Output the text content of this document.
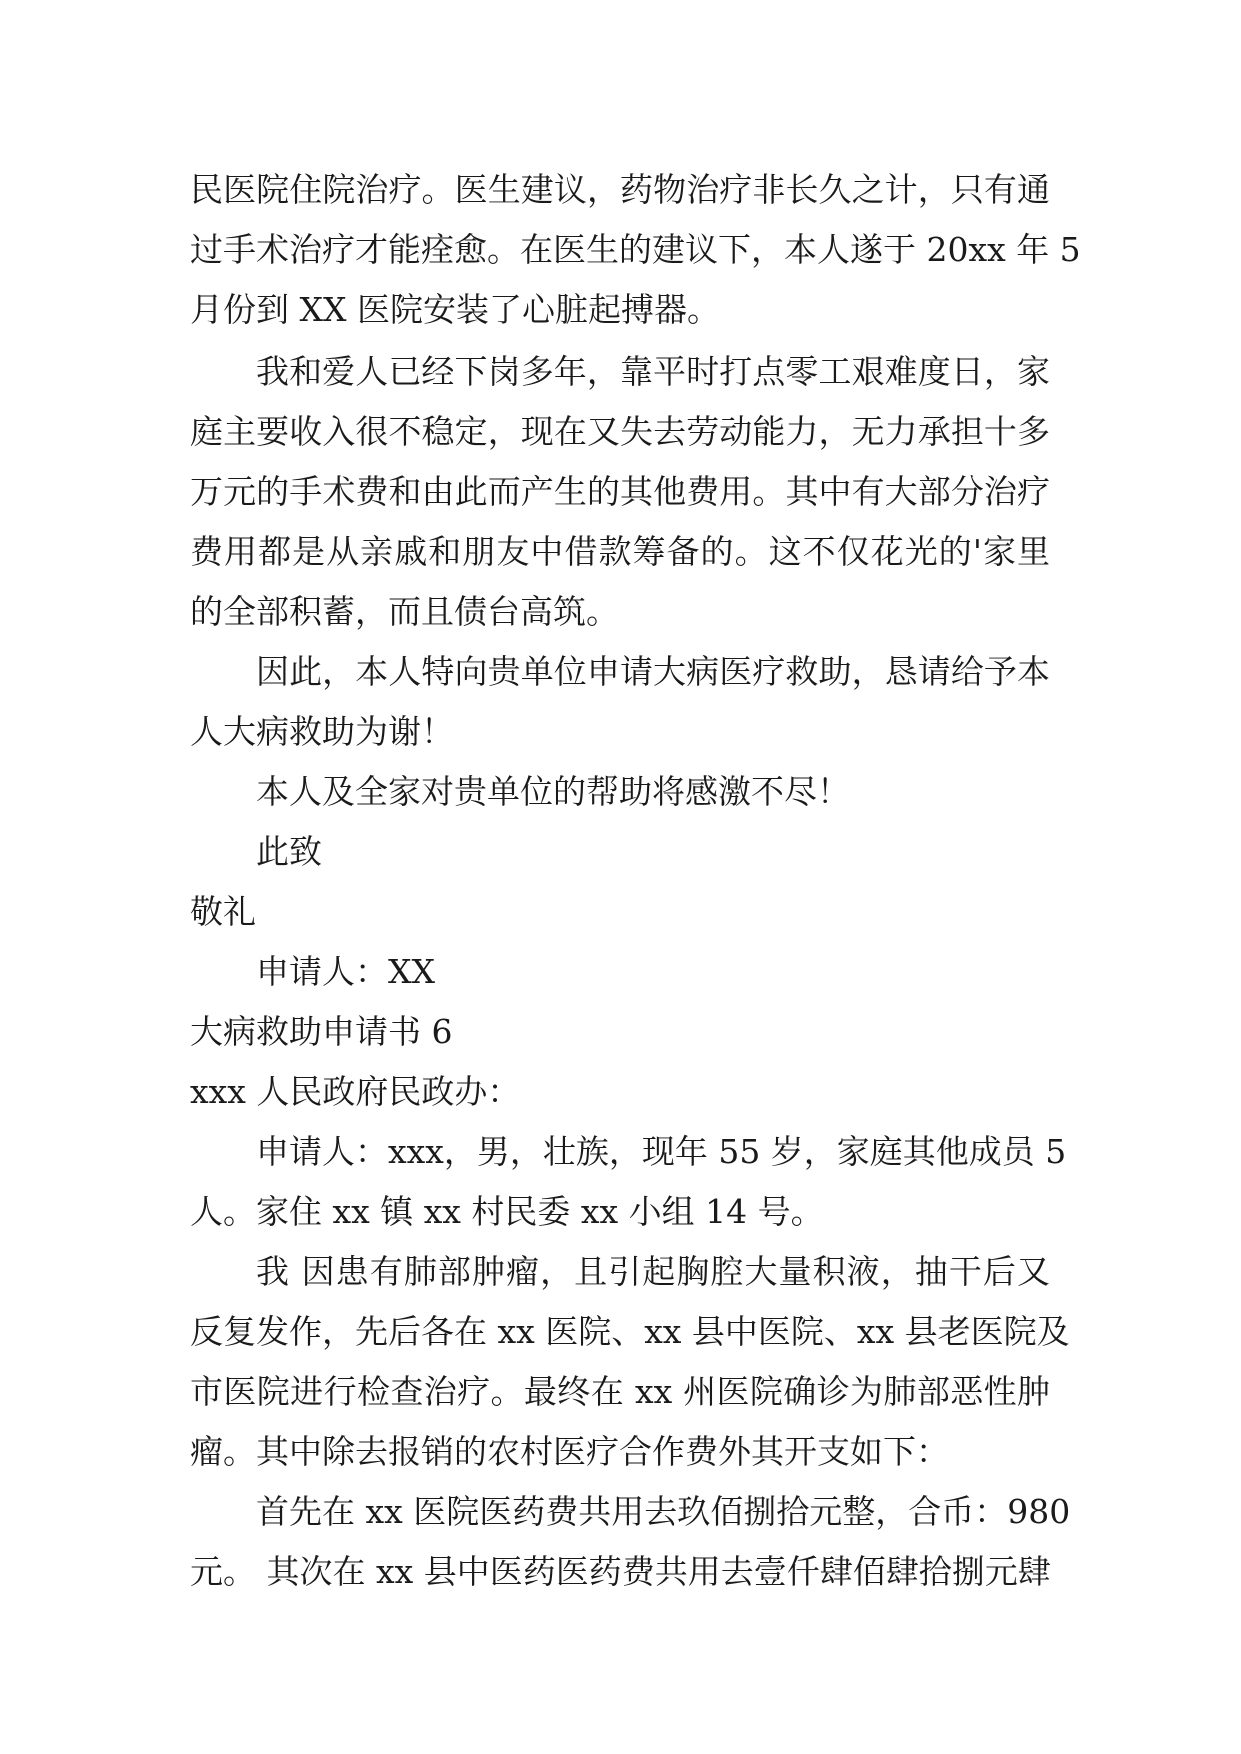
民医院住院治疗。医生建议，药物治疗非长久之计，只有通
过手术治疗才能痊愈。在医生的建议下，本人遂于 20xx 年 5
月份到 XX 医院安装了心脏起搏器。
我和爱人已经下岗多年，靠平时打点零工艰难度日，家
庭主要收入很不稳定，现在又失去劳动能力，无力承担十多
万元的手术费和由此而产生的其他费用。其中有大部分治疗
费用都是从亲戚和朋友中借款筹备的。这不仅花光的'家里
的全部积蓄，而且债台高筑。
因此，本人特向贵单位申请大病医疗救助，恳请给予本
人大病救助为谢！
本人及全家对贵单位的帮助将感激不尽！
此致
敬礼
申请人：XX
大病救助申请书 6
xxx 人民政府民政办：
申请人：xxx，男，壮族，现年 55 岁，家庭其他成员 5
人。家住 xx 镇 xx 村民委 xx 小组 14 号。
我 因患有肺部肿瘤，且引起胸腔大量积液，抽干后又
反复发作，先后各在 xx 医院、xx 县中医院、xx 县老医院及
市医院进行检查治疗。最终在 xx 州医院确诊为肺部恶性肿
瘤。其中除去报销的农村医疗合作费外其开支如下：
首先在 xx 医院医药费共用去玖佰捌拾元整，合币：980
元。 其次在 xx 县中医药医药费共用去壹仟肆佰肆拾捌元肆
